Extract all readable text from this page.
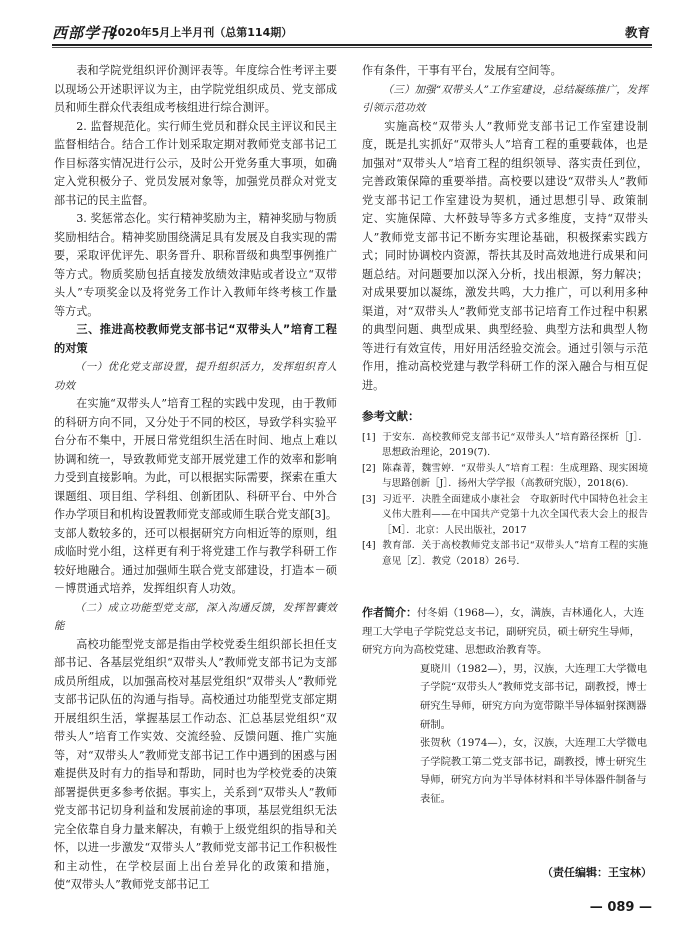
西部学刊
2020年5月上半月刊（总第114期）	教育
表和学院党组织评价测评表等。年度综合性考评主要以现场公开述职评议为主，由学院党组织成员、党支部成员和师生群众代表组成考核组进行综合测评。
2. 监督规范化。实行师生党员和群众民主评议和民主监督相结合。结合工作计划采取定期对教师党支部书记工作目标落实情况进行公示，及时公开党务重大事项，如确定入党积极分子、党员发展对象等，加强党员群众对党支部书记的民主监督。
3. 奖惩常态化。实行精神奖励为主，精神奖励与物质奖励相结合。精神奖励围绕满足具有发展及自我实现的需要，采取评优评先、职务晋升、职称晋级和典型事例推广等方式。物质奖励包括直接发放绩效津贴或者设立“双带头人”专项奖金以及将党务工作计入教师年终考核工作量等方式。
三、推进高校教师党支部书记“双带头人”培育工程的对策
（一）优化党支部设置，提升组织活力，发挥组织育人功效
在实施“双带头人”培育工程的实践中发现，由于教师的科研方向不同，又分处于不同的校区，导致学科实验平台分布不集中，开展日常党组织生活在时间、地点上难以协调和统一，导致教师党支部开展党建工作的效率和影响力受到直接影响。为此，可以根据实际需要，探索在重大课题组、项目组、学科组、创新团队、科研平台、中外合作办学项目和机构设置教师党支部或师生联合党支部[3]。支部人数较多的，还可以根据研究方向相近等的原则，组成临时党小组，这样更有利于将党建工作与教学科研工作较好地融合。通过加强师生联合党支部建设，打造本－硕－博贯通式培养，发挥组织育人功效。
（二）成立功能型党支部，深入沟通反馈，发挥智囊效能
高校功能型党支部是指由学校党委生组织部长担任支部书记、各基层党组织“双带头人”教师党支部书记为支部成员所组成，以加强高校对基层党组织“双带头人”教师党支部书记队伍的沟通与指导。高校通过功能型党支部定期开展组织生活，掌握基层工作动态、汇总基层党组织“双带头人”培育工作实效、交流经验、反馈问题、推广实施等，对“双带头人”教师党支部书记工作中遇到的困惑与困难提供及时有力的指导和帮助，同时也为学校党委的决策部署提供更多参考依据。事实上，关系到“双带头人”教师党支部书记切身利益和发展前途的事项，基层党组织无法完全依靠自身力量来解决，有赖于上级党组织的指导和关怀，以进一步激发“双带头人”教师党支部书记工作积极性和主动性，在学校层面上出台差异化的政策和措施，使“双带头人”教师党支部书记工
作有条件，干事有平台，发展有空间等。
（三）加强“双带头人”工作室建设，总结凝练推广，发挥引领示范功效
实施高校“双带头人”教师党支部书记工作室建设制度，既是扎实抓好“双带头人”培育工程的重要载体，也是加强对“双带头人”培育工程的组织领导、落实责任到位，完善政策保障的重要举措。高校要以建设“双带头人”教师党支部书记工作室建设为契机，通过思想引导、政策制定、实施保障、大杯鼓导等多方式多维度，支持“双带头人”教师党支部书记不断夯实理论基础，积极探索实践方式；同时协调校内资源，帮扶其及时高效地进行成果和问题总结。对问题要加以深入分析，找出根源，努力解决；对成果要加以凝练，激发共鸣，大力推广，可以利用多种渠道，对“双带头人”教师党支部书记培育工作过程中积累的典型问题、典型成果、典型经验、典型方法和典型人物等进行有效宣传，用好用活经验交流会。通过引领与示范作用，推动高校党建与教学科研工作的深入融合与相互促进。
参考文献：
[1] 于安东．高校教师党支部书记“双带头人”培育路径探析［J］．思想政治理论，2019(7).
[2] 陈森菁，魏雪婷．“双带头人”培育工程：生成理路、现实困境与思路创新［J］．扬州大学学报（高教研究版），2018(6).
[3] 习近平．决胜全面建成小康社会　夺取新时代中国特色社会主义伟大胜利——在中国共产党第十九次全国代表大会上的报告［M］．北京：人民出版社，2017
[4] 教育部．关于高校教师党支部书记“双带头人”培育工程的实施意见［Z］．教党（2018）26号．
作者简介：付冬娟（1968—），女，满族，吉林通化人，大连理工大学电子学院党总支书记，副研究员，硕士研究生导师，研究方向为高校党建、思想政治教育等。
夏晓川（1982—），男，汉族，大连理工大学微电子学院“双带头人”教师党支部书记，副教授，博士研究生导师，研究方向为宽带隙半导体辐射探测器研制。
张贺秋（1974—），女，汉族，大连理工大学微电子学院教工第二党支部书记，副教授，博士研究生导师，研究方向为半导体材料和半导体器件制备与表征。
（责任编辑：王宝林）
— 089 —
